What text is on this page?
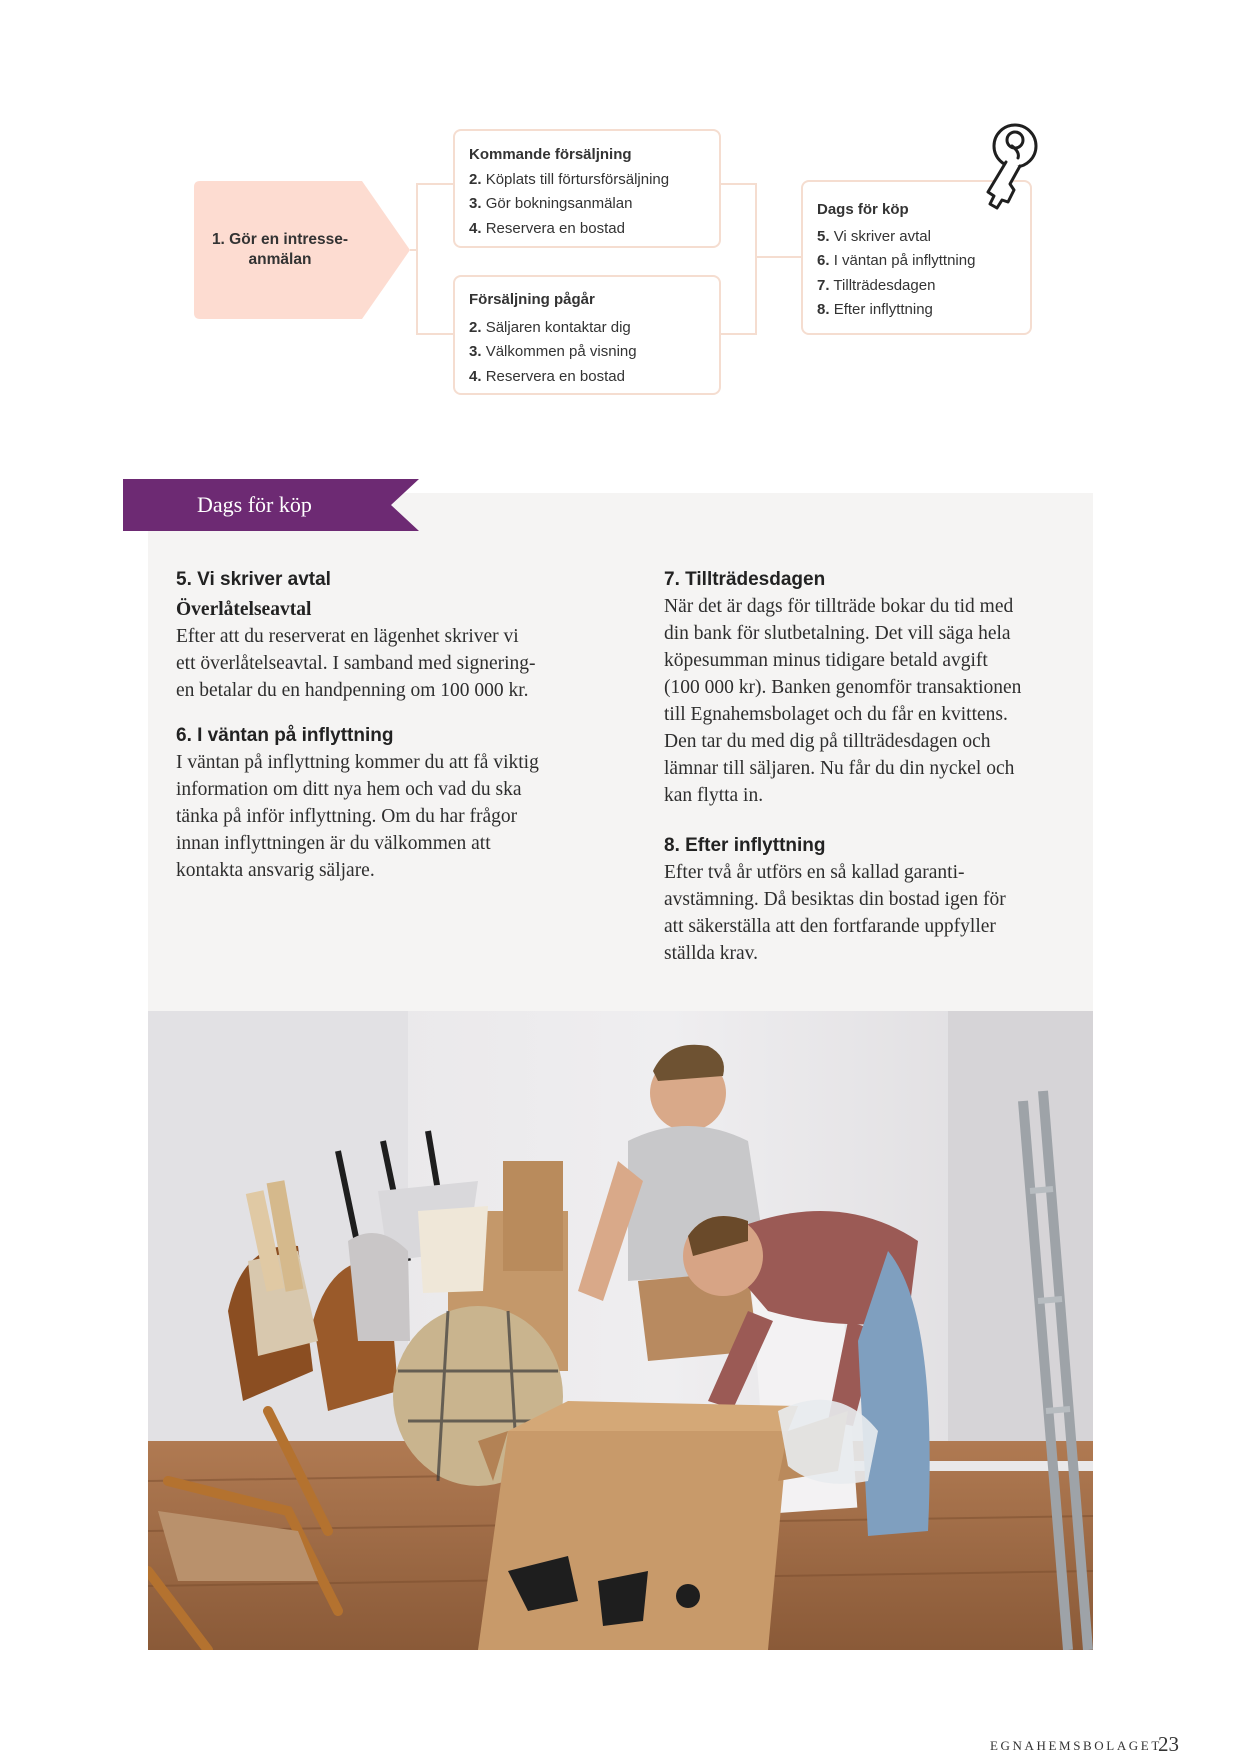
1. Gör en intresse-anmälan
Kommande försäljning
2. Köplats till förtursförsäljning
3. Gör bokningsanmälan
4. Reservera en bostad
Försäljning pågår
2. Säljaren kontaktar dig
3. Välkommen på visning
4. Reservera en bostad
Dags för köp
5. Vi skriver avtal
6. I väntan på inflyttning
7. Tillträdesdagen
8. Efter inflyttning
Dags för köp
5. Vi skriver avtal
Överlåtelseavtal
Efter att du reserverat en lägenhet skriver vi
ett överlåtelseavtal. I samband med signering-
en betalar du en handpenning om 100 000 kr.
6. I väntan på inflyttning
I väntan på inflyttning kommer du att få viktig
information om ditt nya hem och vad du ska
tänka på inför inflyttning. Om du har frågor
innan inflyttningen är du välkommen att
kontakta ansvarig säljare.
7. Tillträdesdagen
När det är dags för tillträde bokar du tid med
din bank för slutbetalning. Det vill säga hela
köpesumman minus tidigare betald avgift
(100 000 kr). Banken genomför transaktionen
till Egnahemsbolaget och du får en kvittens.
Den tar du med dig på tillträdesdagen och
lämnar till säljaren. Nu får du din nyckel och
kan flytta in.
8. Efter inflyttning
Efter två år utförs en så kallad garanti-
avstämning. Då besiktas din bostad igen för
att säkerställa att den fortfarande uppfyller
ställda krav.
EGNAHEMSBOLAGET
23
